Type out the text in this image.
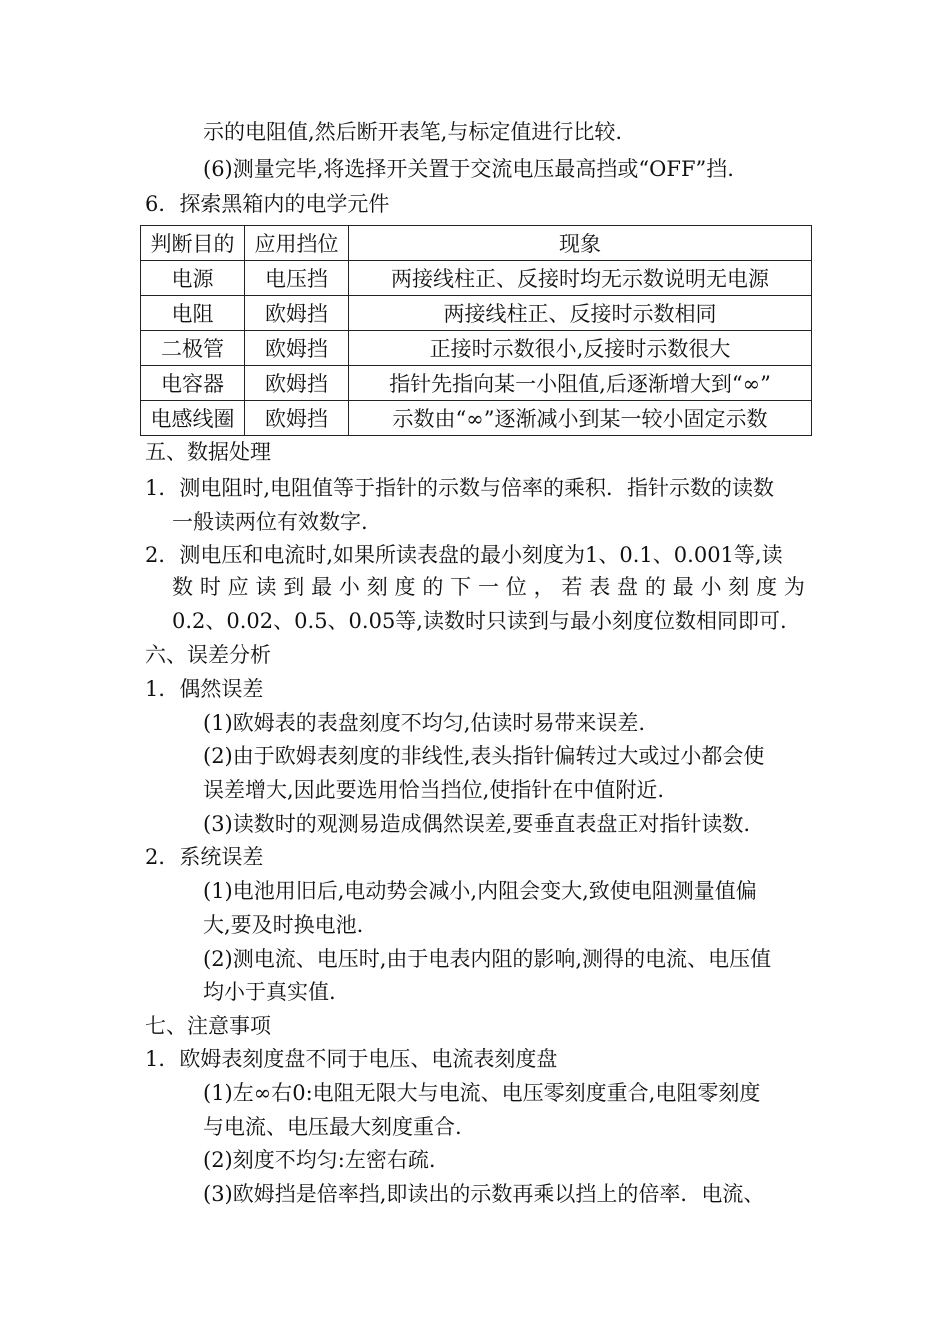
示的电阻值,然后断开表笔,与标定值进行比较.
(6)测量完毕,将选择开关置于交流电压最高挡或“OFF”挡.
6．探索黑箱内的电学元件
判断目的	应用挡位	现象
电源	电压挡	两接线柱正、反接时均无示数说明无电源
电阻	欧姆挡	两接线柱正、反接时示数相同
二极管	欧姆挡	正接时示数很小,反接时示数很大
电容器	欧姆挡	指针先指向某一小阻值,后逐渐增大到“∞”
电感线圈	欧姆挡	示数由“∞”逐渐减小到某一较小固定示数
五、数据处理
1．测电阻时,电阻值等于指针的示数与倍率的乘积．指针示数的读数
一般读两位有效数字.
2．测电压和电流时,如果所读表盘的最小刻度为1、0.1、0.001等,读
数 时 应 读 到 最 小 刻 度 的 下 一 位 ， 若 表 盘 的 最 小 刻 度 为
0.2、0.02、0.5、0.05等,读数时只读到与最小刻度位数相同即可.
六、误差分析
1．偶然误差
(1)欧姆表的表盘刻度不均匀,估读时易带来误差.
(2)由于欧姆表刻度的非线性,表头指针偏转过大或过小都会使
误差增大,因此要选用恰当挡位,使指针在中值附近.
(3)读数时的观测易造成偶然误差,要垂直表盘正对指针读数.
2．系统误差
(1)电池用旧后,电动势会减小,内阻会变大,致使电阻测量值偏
大,要及时换电池.
(2)测电流、电压时,由于电表内阻的影响,测得的电流、电压值
均小于真实值.
七、注意事项
1．欧姆表刻度盘不同于电压、电流表刻度盘
(1)左∞右0:电阻无限大与电流、电压零刻度重合,电阻零刻度
与电流、电压最大刻度重合.
(2)刻度不均匀:左密右疏.
(3)欧姆挡是倍率挡,即读出的示数再乘以挡上的倍率．电流、
